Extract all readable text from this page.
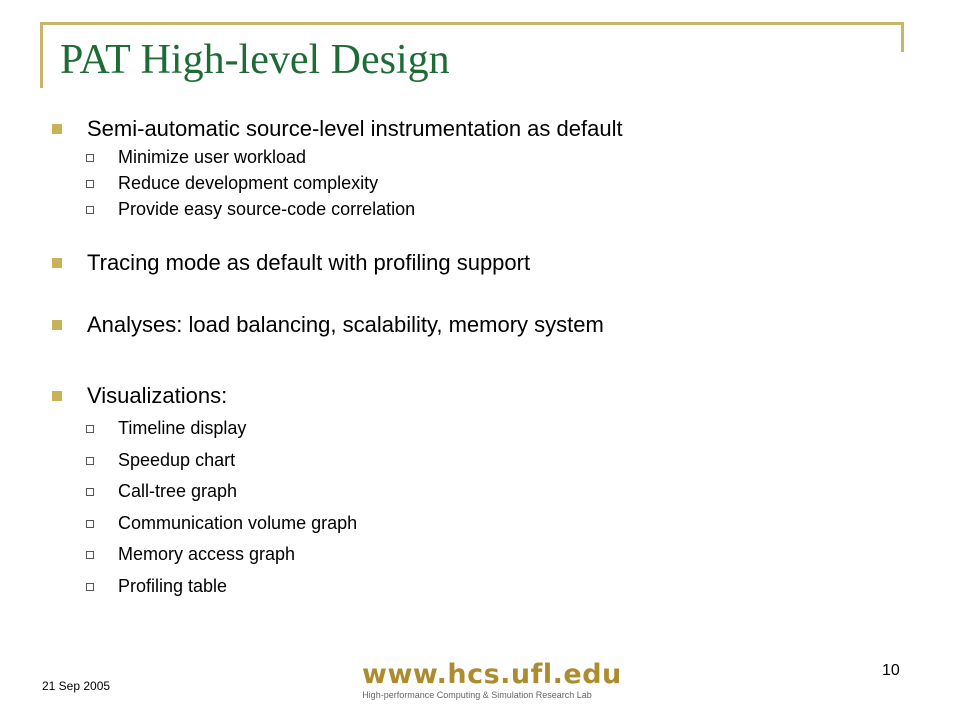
PAT High-level Design
Semi-automatic source-level instrumentation as default
Minimize user workload
Reduce development complexity
Provide easy source-code correlation
Tracing mode as default with profiling support
Analyses: load balancing, scalability, memory system
Visualizations:
Timeline display
Speedup chart
Call-tree graph
Communication volume graph
Memory access graph
Profiling table
21 Sep 2005
10
www.hcs.ufl.edu
High-performance Computing & Simulation Research Lab
